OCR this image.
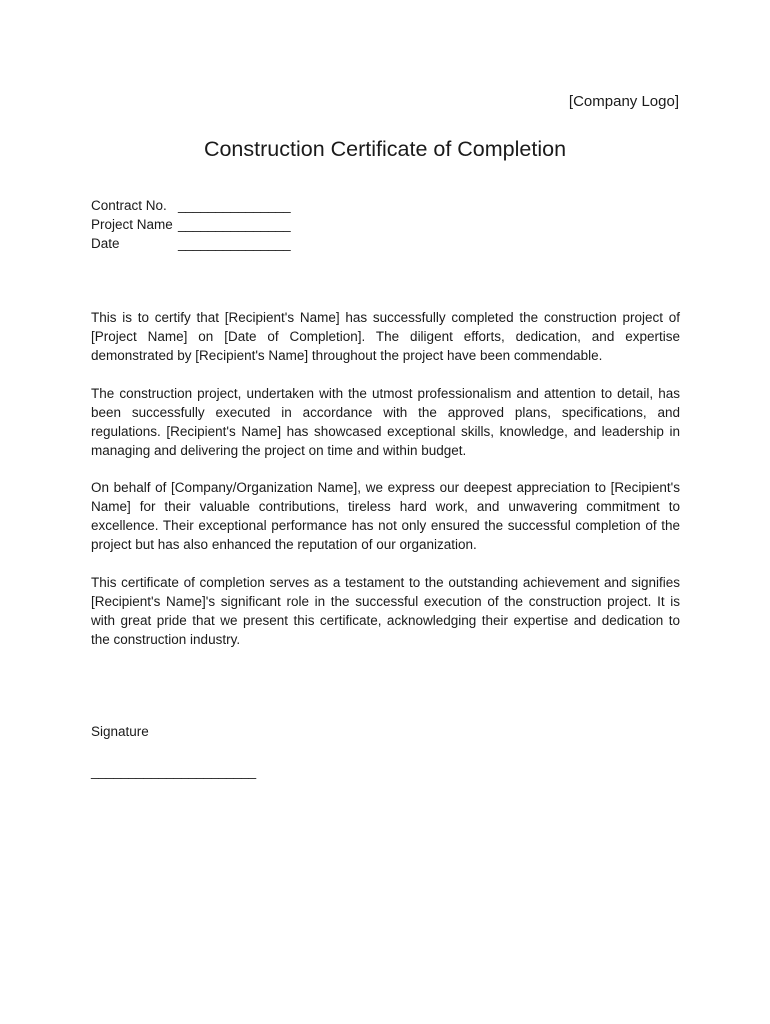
[Company Logo]
Construction Certificate of Completion
Contract No. _______________
Project Name _______________
Date	_______________

This is to certify that [Recipient's Name] has successfully completed the construction project of [Project Name] on [Date of Completion]. The diligent efforts, dedication, and expertise demonstrated by [Recipient's Name] throughout the project have been commendable.

The construction project, undertaken with the utmost professionalism and attention to detail, has been successfully executed in accordance with the approved plans, specifications, and regulations. [Recipient's Name] has showcased exceptional skills, knowledge, and leadership in managing and delivering the project on time and within budget.

On behalf of [Company/Organization Name], we express our deepest appreciation to [Recipient's Name] for their valuable contributions, tireless hard work, and unwavering commitment to excellence. Their exceptional performance has not only ensured the successful completion of the project but has also enhanced the reputation of our organization.

This certificate of completion serves as a testament to the outstanding achievement and signifies [Recipient's Name]'s significant role in the successful execution of the construction project. It is with great pride that we present this certificate, acknowledging their expertise and dedication to the construction industry.

Signature
______________________
